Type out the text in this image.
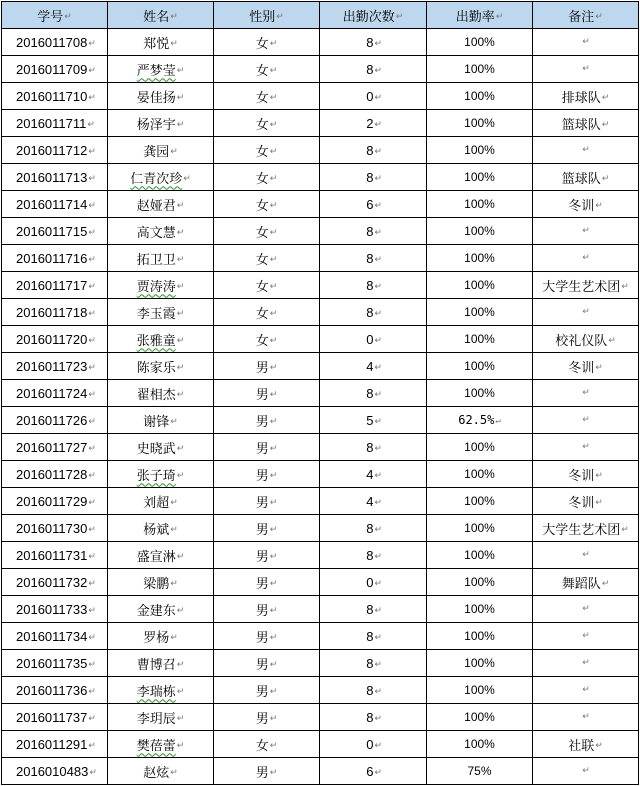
学号↵	姓名↵	性别↵	出勤次数↵	出勤率↵	备注↵
2016011708↵	郑悦↵	女↵	8↵	100%	↵
2016011709↵	严梦莹↵	女↵	8↵	100%	↵
2016011710↵	晏佳扬↵	女↵	0↵	100%	排球队↵
2016011711↵	杨泽宇↵	女↵	2↵	100%	篮球队↵
2016011712↵	龚园↵	女↵	8↵	100%	↵
2016011713↵	仁青次珍↵	女↵	8↵	100%	篮球队↵
2016011714↵	赵娅君↵	女↵	6↵	100%	冬训↵
2016011715↵	高文慧↵	女↵	8↵	100%	↵
2016011716↵	拓卫卫↵	女↵	8↵	100%	↵
2016011717↵	贾涛涛↵	女↵	8↵	100%	大学生艺术团↵
2016011718↵	李玉霞↵	女↵	8↵	100%	↵
2016011720↵	张雅童↵	女↵	0↵	100%	校礼仪队↵
2016011723↵	陈家乐↵	男↵	4↵	100%	冬训↵
2016011724↵	翟相杰↵	男↵	8↵	100%	↵
2016011726↵	谢锋↵	男↵	5↵	62.5%↵	↵
2016011727↵	史晓武↵	男↵	8↵	100%	↵
2016011728↵	张子琦↵	男↵	4↵	100%	冬训↵
2016011729↵	刘超↵	男↵	4↵	100%	冬训↵
2016011730↵	杨斌↵	男↵	8↵	100%	大学生艺术团↵
2016011731↵	盛宣淋↵	男↵	8↵	100%	↵
2016011732↵	梁鹏↵	男↵	0↵	100%	舞蹈队↵
2016011733↵	金建东↵	男↵	8↵	100%	↵
2016011734↵	罗杨↵	男↵	8↵	100%	↵
2016011735↵	曹博召↵	男↵	8↵	100%	↵
2016011736↵	李瑞栋↵	男↵	8↵	100%	↵
2016011737↵	李玥辰↵	男↵	8↵	100%	↵
2016011291↵	樊蓓蕾↵	女↵	0↵	100%	社联↵
2016010483↵	赵炫↵	男↵	6↵	75%	↵
